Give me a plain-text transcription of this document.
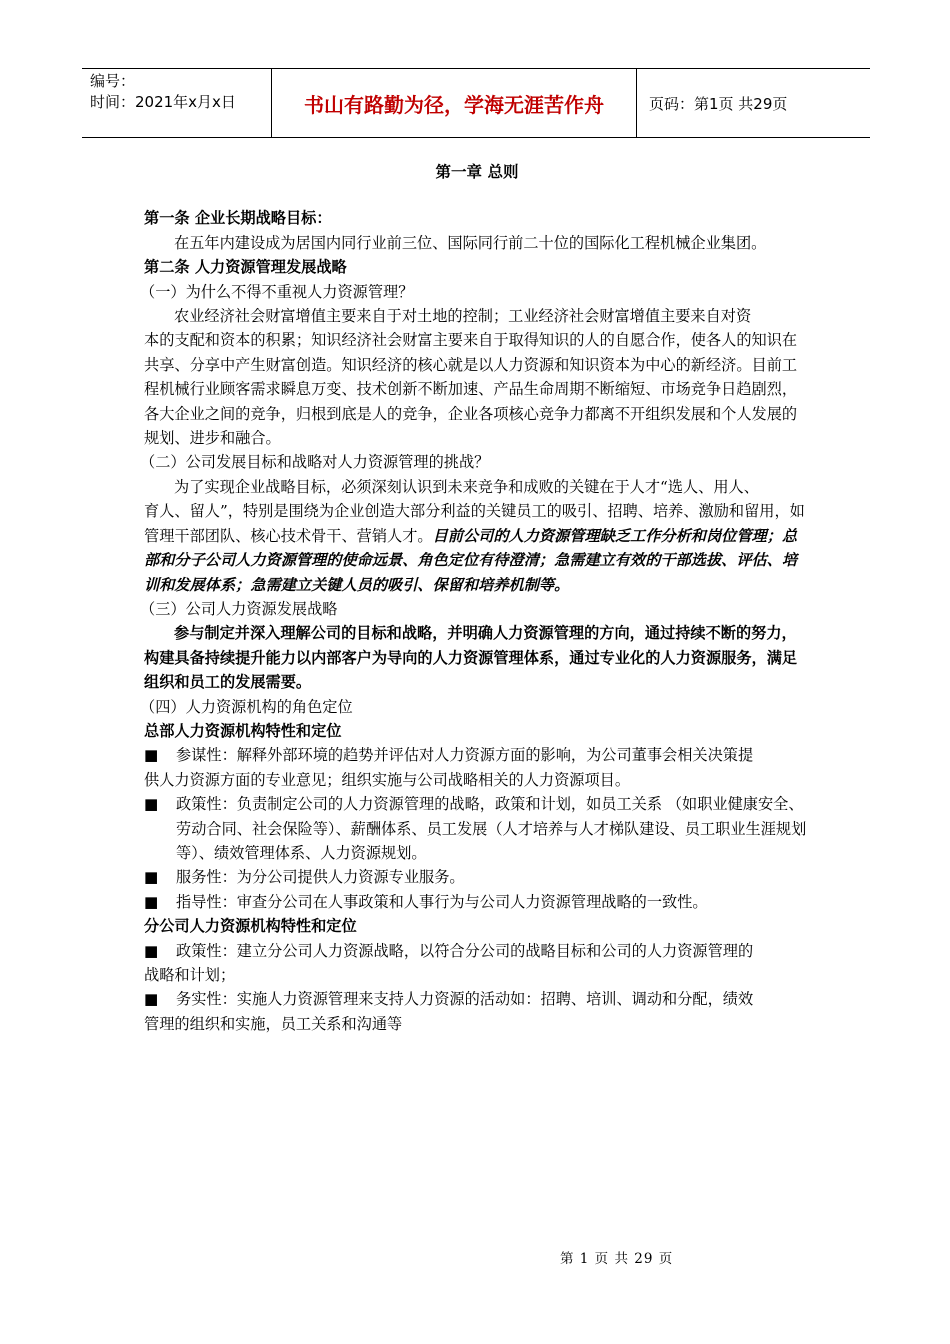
编号：
时间：2021年x月x日	书山有路勤为径，学海无涯苦作舟	页码：第1页 共29页
第一章 总则

第一条 企业长期战略目标：

在五年内建设成为居国内同行业前三位、国际同行前二十位的国际化工程机械企业集团。

第二条 人力资源管理发展战略

（一）为什么不得不重视人力资源管理？

农业经济社会财富增值主要来自于对土地的控制；工业经济社会财富增值主要来自对资

本的支配和资本的积累；知识经济社会财富主要来自于取得知识的人的自愿合作，使各人的知识在共享、分享中产生财富创造。知识经济的核心就是以人力资源和知识资本为中心的新经济。目前工程机械行业顾客需求瞬息万变、技术创新不断加速、产品生命周期不断缩短、市场竞争日趋剧烈，各大企业之间的竞争，归根到底是人的竞争，企业各项核心竞争力都离不开组织发展和个人发展的规划、进步和融合。

（二）公司发展目标和战略对人力资源管理的挑战？

为了实现企业战略目标，必须深刻认识到未来竞争和成败的关键在于人才“选人、用人、

育人、留人”，特别是围绕为企业创造大部分利益的关键员工的吸引、招聘、培养、激励和留用，如管理干部团队、核心技术骨干、营销人才。目前公司的人力资源管理缺乏工作分析和岗位管理；总部和分子公司人力资源管理的使命远景、角色定位有待澄清；急需建立有效的干部选拔、评估、培训和发展体系；急需建立关键人员的吸引、保留和培养机制等。

（三）公司人力资源发展战略

参与制定并深入理解公司的目标和战略，并明确人力资源管理的方向，通过持续不断的努力，构建具备持续提升能力以内部客户为导向的人力资源管理体系，通过专业化的人力资源服务，满足组织和员工的发展需要。

（四）人力资源机构的角色定位

总部人力资源机构特性和定位

■	参谋性：解释外部环境的趋势并评估对人力资源方面的影响，为公司董事会相关决策提

供人力资源方面的专业意见；组织实施与公司战略相关的人力资源项目。

■	政策性：负责制定公司的人力资源管理的战略，政策和计划，如员工关系 （如职业健康安全、劳动合同、社会保险等）、薪酬体系、员工发展（人才培养与人才梯队建设、员工职业生涯规划等）、绩效管理体系、人力资源规划。
■	服务性：为分公司提供人力资源专业服务。
■	指导性：审查分公司在人事政策和人事行为与公司人力资源管理战略的一致性。

分公司人力资源机构特性和定位

■	政策性：建立分公司人力资源战略，以符合分公司的战略目标和公司的人力资源管理的

战略和计划；

■	务实性：实施人力资源管理来支持人力资源的活动如：招聘、培训、调动和分配，绩效

管理的组织和实施，员工关系和沟通等

第 1 页 共 29 页
